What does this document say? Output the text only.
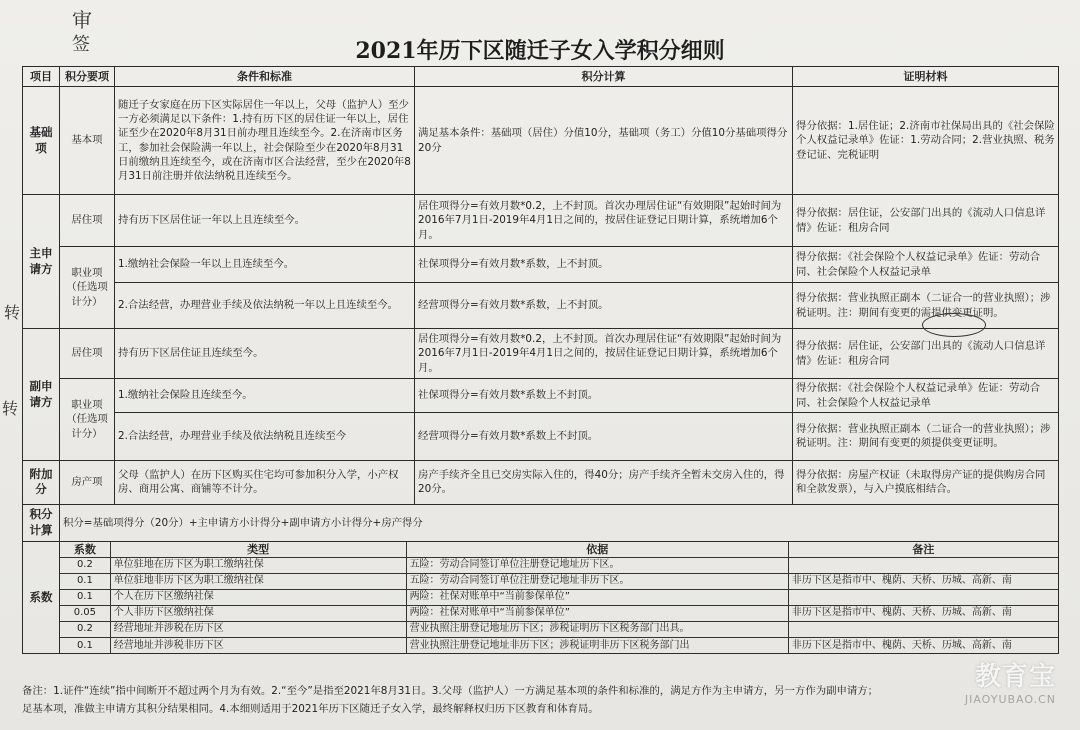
审
签
转
转
2021年历下区随迁子女入学积分细则
项目	积分要项	条件和标准	积分计算	证明材料
基础项	基本项	随迁子女家庭在历下区实际居住一年以上，父母（监护人）至少一方必须满足以下条件：1.持有历下区的居住证一年以上，居住证至少在2020年8月31日前办理且连续至今。2.在济南市区务工，参加社会保险满一年以上，社会保险至少在2020年8月31日前缴纳且连续至今，或在济南市区合法经营，至少在2020年8月31日前注册并依法纳税且连续至今。	满足基本条件：基础项（居住）分值10分，基础项（务工）分值10分基础项得分20分	得分依据：1.居住证；2.济南市社保局出具的《社会保险个人权益记录单》佐证：1.劳动合同；2.营业执照、税务登记证、完税证明
主申请方	居住项	持有历下区居住证一年以上且连续至今。	居住项得分=有效月数*0.2，上不封顶。首次办理居住证“有效期限”起始时间为2016年7月1日-2019年4月1日之间的，按居住证登记日期计算，系统增加6个月。	得分依据：居住证，公安部门出具的《流动人口信息详情》佐证：租房合同
职业项（任选项计分）	1.缴纳社会保险一年以上且连续至今。	社保项得分=有效月数*系数，上不封顶。	得分依据：《社会保险个人权益记录单》佐证：劳动合同、社会保险个人权益记录单
2.合法经营，办理营业手续及依法纳税一年以上且连续至今。	经营项得分=有效月数*系数，上不封顶。	得分依据：营业执照正副本（二证合一的营业执照）；涉税证明。注：期间有变更的需提供变更证明。
副申请方	居住项	持有历下区居住证且连续至今。	居住项得分=有效月数*0.2，上不封顶。首次办理居住证“有效期限”起始时间为2016年7月1日-2019年4月1日之间的，按居住证登记日期计算，系统增加6个月。	得分依据：居住证，公安部门出具的《流动人口信息详情》佐证：租房合同
职业项（任选项计分）	1.缴纳社会保险且连续至今。	社保项得分=有效月数*系数上不封顶。	得分依据：《社会保险个人权益记录单》佐证：劳动合同、社会保险个人权益记录单
2.合法经营，办理营业手续及依法纳税且连续至今	经营项得分=有效月数*系数上不封顶。	得分依据：营业执照正副本（二证合一的营业执照）；涉税证明。注：期间有变更的须提供变更证明。
附加分	房产项	父母（监护人）在历下区购买住宅均可参加积分入学，小产权房、商用公寓、商铺等不计分。	房产手续齐全且已交房实际入住的，得40分；房产手续齐全暂未交房入住的，得20分。	得分依据：房屋产权证（未取得房产证的提供购房合同和全款发票），与入户摸底相结合。
积分计算	积分=基础项得分（20分）+主申请方小计得分+副申请方小计得分+房产得分
系数	
系数	类型	依据	备注
0.2	单位驻地在历下区为职工缴纳社保	五险：劳动合同签订单位注册登记地址历下区。	
0.1	单位驻地非历下区为职工缴纳社保	五险：劳动合同签订单位注册登记地址非历下区。	非历下区是指市中、槐荫、天桥、历城、高新、南
0.1	个人在历下区缴纳社保	两险：社保对账单中“当前参保单位”	
0.05	个人非历下区缴纳社保	两险：社保对账单中“当前参保单位”	非历下区是指市中、槐荫、天桥、历城、高新、南
0.2	经营地址并涉税在历下区	营业执照注册登记地址历下区；涉税证明历下区税务部门出具。	
0.1	经营地址并涉税非历下区	营业执照注册登记地址非历下区；涉税证明非历下区税务部门出	非历下区是指市中、槐荫、天桥、历城、高新、南

备注：1.证件“连续”指中间断开不超过两个月为有效。2.“至今”是指至2021年8月31日。3.父母（监护人）一方满足基本项的条件和标准的，满足方作为主申请方，另一方作为副申请方；

足基本项，准做主申请方其积分结果相同。4.本细则适用于2021年历下区随迁子女入学，最终解释权归历下区教育和体育局。

教育宝
JIAOYUBAO.CN
